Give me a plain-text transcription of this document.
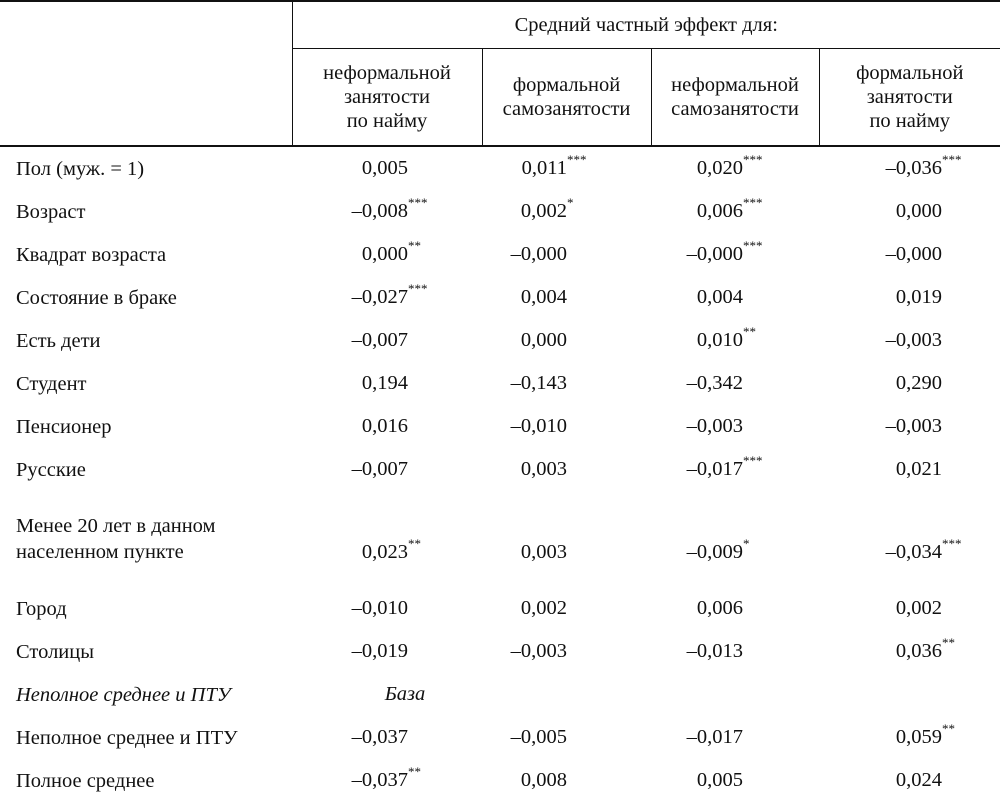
	Средний частный эффект для:			

	неформальной
занятости
по найму	формальной
самозанятости	неформальной
самозанятости	формальной
занятости
по найму

Пол (муж. = 1)	0,005	0,011***	0,020***	–0,036***

Возраст	–0,008***	0,002*	0,006***	0,000

Квадрат возраста	0,000**	–0,000	–0,000***	–0,000

Состояние в браке	–0,027***	0,004	0,004	0,019

Есть дети	–0,007	0,000	0,010**	–0,003

Студент	0,194	–0,143	–0,342	0,290

Пенсионер	0,016	–0,010	–0,003	–0,003

Русские	–0,007	0,003	–0,017***	0,021

Менее 20 лет в данном
населенном пункте	0,023**	0,003	–0,009*	–0,034***

Город	–0,010	0,002	0,006	0,002

Столицы	–0,019	–0,003	–0,013	0,036**

Неполное среднее и ПТУ	База			

Неполное среднее и ПТУ	–0,037	–0,005	–0,017	0,059**

Полное среднее	–0,037**	0,008	0,005	0,024
